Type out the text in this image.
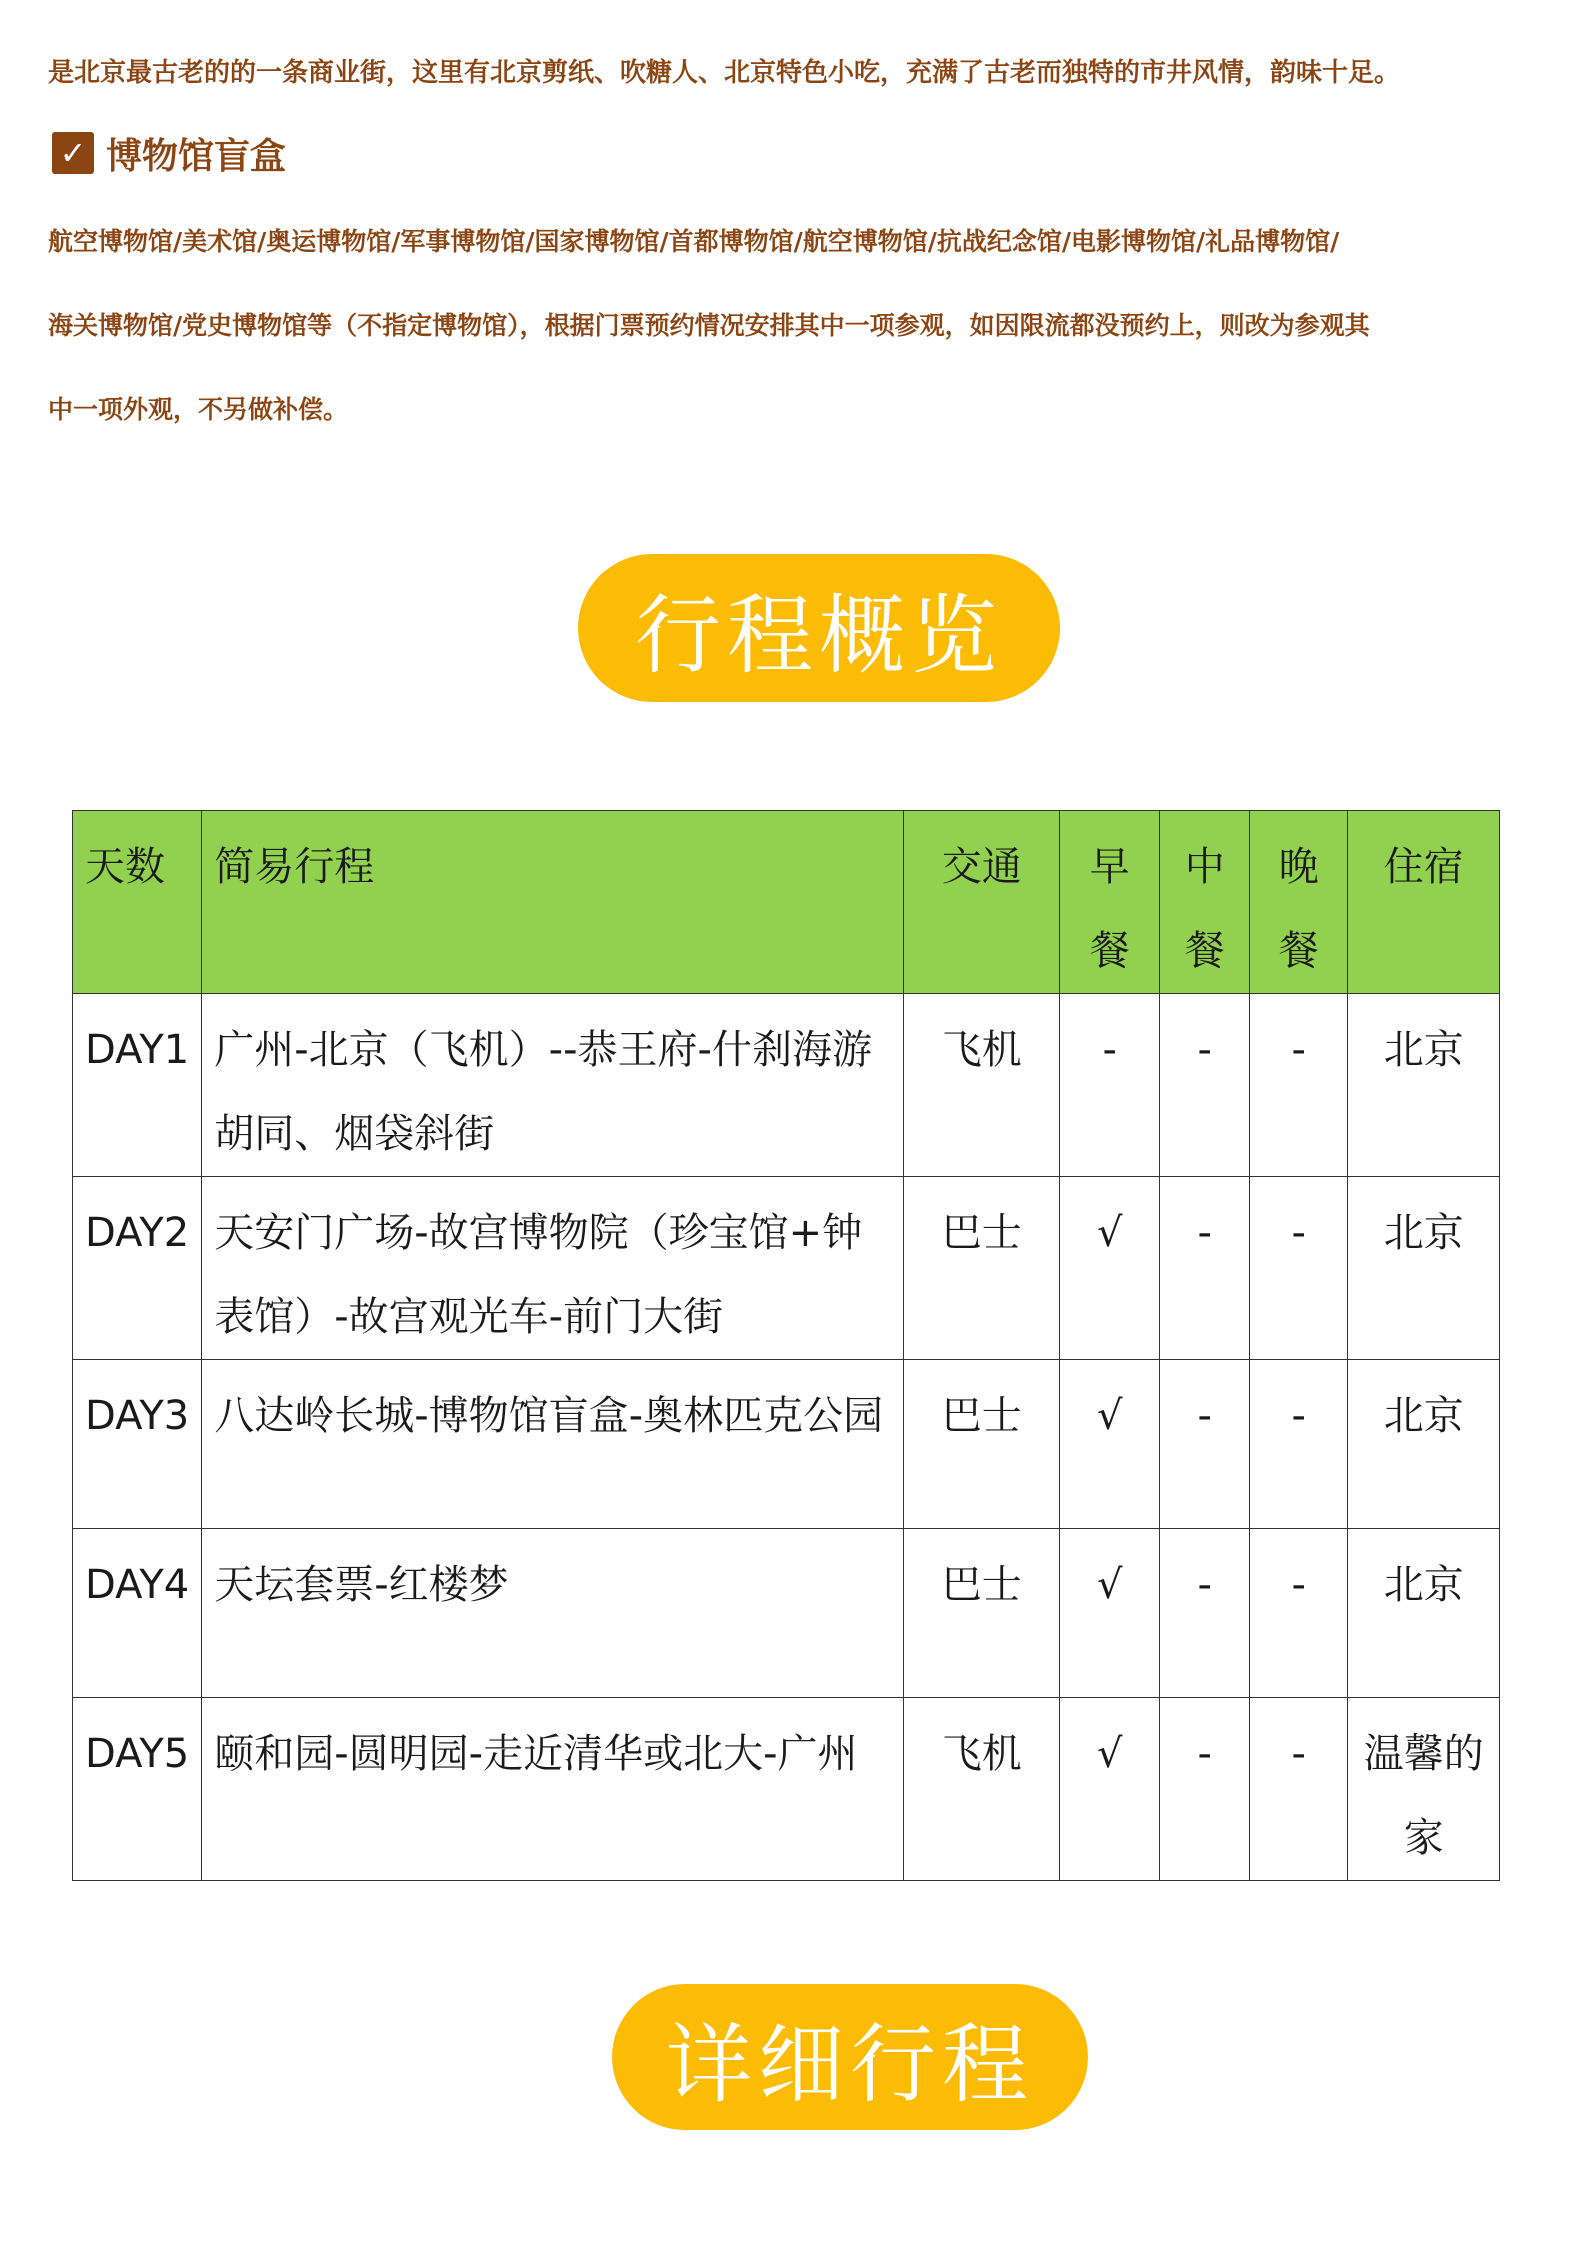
是北京最古老的的一条商业街，这里有北京剪纸、吹糖人、北京特色小吃，充满了古老而独特的市井风情，韵味十足。
✓ 博物馆盲盒
航空博物馆/美术馆/奥运博物馆/军事博物馆/国家博物馆/首都博物馆/航空博物馆/抗战纪念馆/电影博物馆/礼品博物馆/
海关博物馆/党史博物馆等（不指定博物馆），根据门票预约情况安排其中一项参观，如因限流都没预约上，则改为参观其
中一项外观，不另做补偿。
行程概览
天数	简易行程	交通	早餐	中餐	晚餐	住宿
DAY1	广州-北京（飞机）--恭王府-什刹海游胡同、烟袋斜街	飞机	-	-	-	北京
DAY2	天安门广场-故宫博物院（珍宝馆+钟表馆）-故宫观光车-前门大街	巴士	√	-	-	北京
DAY3	八达岭长城-博物馆盲盒-奥林匹克公园	巴士	√	-	-	北京
DAY4	天坛套票-红楼梦	巴士	√	-	-	北京
DAY5	颐和园-圆明园-走近清华或北大-广州	飞机	√	-	-	温馨的家
详细行程
